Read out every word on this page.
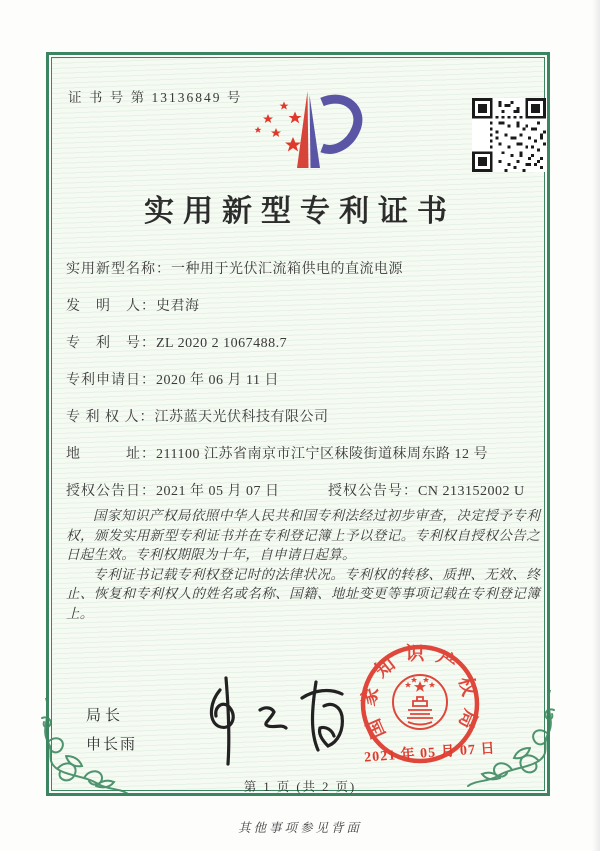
证 书 号 第 13136849 号
实用新型专利证书
实用新型名称：一种用于光伏汇流箱供电的直流电源
发　明　人：史君海
专　利　号：ZL 2020 2 1067488.7
专利申请日：2020 年 06 月 11 日
专 利 权 人：江苏蓝天光伏科技有限公司
地　　　址：211100 江苏省南京市江宁区秣陵街道秣周东路 12 号
授权公告日：2021 年 05 月 07 日	授权公告号：CN 213152002 U

国家知识产权局依照中华人民共和国专利法经过初步审查，决定授予专利权，颁发实用新型专利证书并在专利登记簿上予以登记。专利权自授权公告之日起生效。专利权期限为十年，自申请日起算。

专利证书记载专利权登记时的法律状况。专利权的转移、质押、无效、终止、恢复和专利权人的姓名或名称、国籍、地址变更等事项记载在专利登记簿上。

局长
申长雨
国家知识产权局
2021 年 05 月 07 日
第 1 页 (共 2 页)
其他事项参见背面
